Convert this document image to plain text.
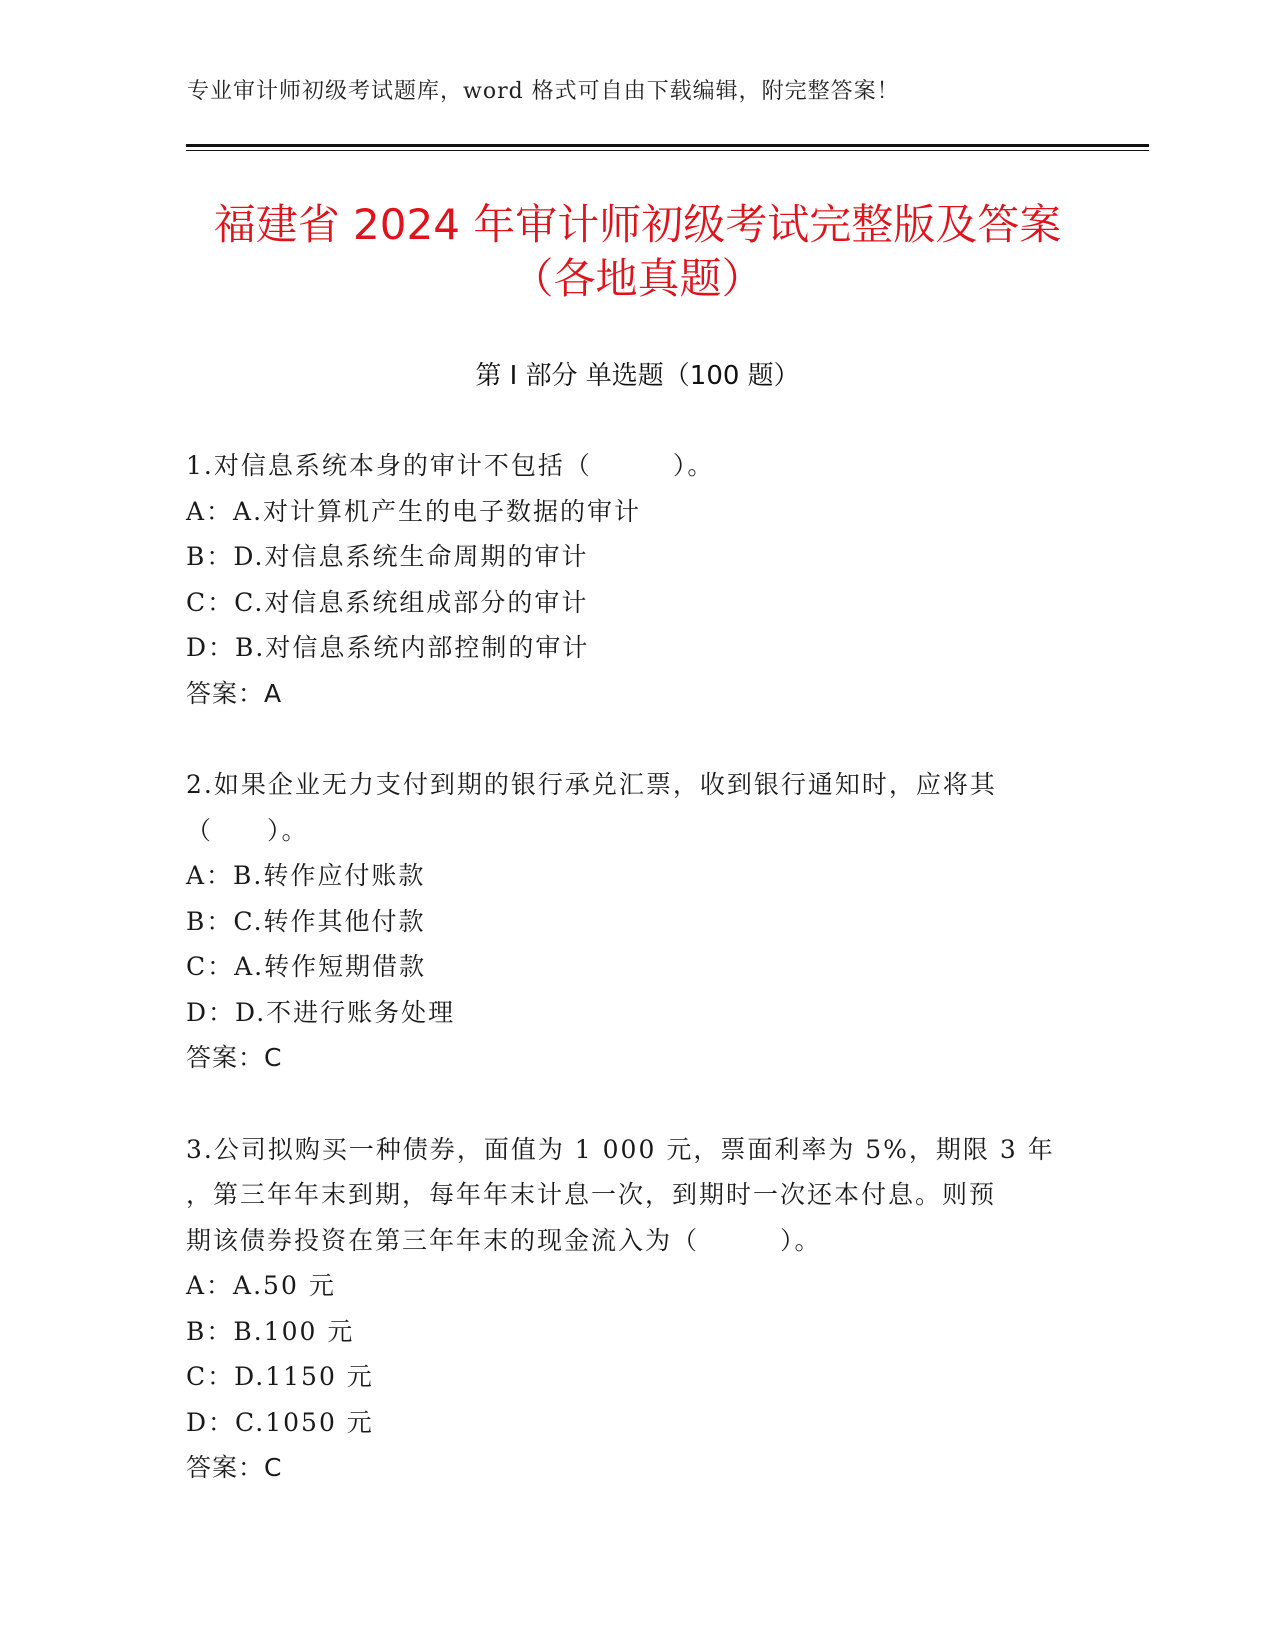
专业审计师初级考试题库，word 格式可自由下载编辑，附完整答案！
福建省 2024 年审计师初级考试完整版及答案
（各地真题）
第 I 部分 单选题（100 题）
1.对信息系统本身的审计不包括（　　　）。
A：A.对计算机产生的电子数据的审计
B：D.对信息系统生命周期的审计
C：C.对信息系统组成部分的审计
D：B.对信息系统内部控制的审计
答案：A
2.如果企业无力支付到期的银行承兑汇票，收到银行通知时，应将其
（　　）。
A：B.转作应付账款
B：C.转作其他付款
C：A.转作短期借款
D：D.不进行账务处理
答案：C
3.公司拟购买一种债券，面值为 1 000 元，票面利率为 5%，期限 3 年
，第三年年末到期，每年年末计息一次，到期时一次还本付息。则预
期该债券投资在第三年年末的现金流入为（　　　）。
A：A.50 元
B：B.100 元
C：D.1150 元
D：C.1050 元
答案：C
